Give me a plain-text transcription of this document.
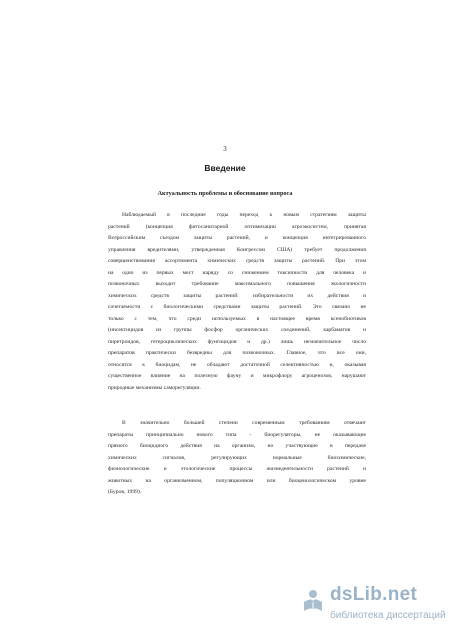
3
Введение
Актуальность проблемы и обоснование вопроса
Наблюдаемый в последние годы переход к новым стратегиям защиты
растений (концепция фитосанитарной оптимизации агроэкосистем, принятая
Всероссийским съездом защиты растений, и концепция интегрированного
управления вредителями, утвержденная Конгрессом США) требует продолжения
совершенствования ассортимента химических средств защиты растений. При этом
на одно из первых мест наряду со снижением токсичности для человека и
позвоночных выходит требование максимального повышения экологичности
химических средств защиты растений: избирательности их действия и
сочетаемости с биологическими средствами защиты растений. Это связано не
только с тем, что среди используемых в настоящее время ксенобиотиков
(инсектицидов из группы фосфор органических соединений, карбаматов и
пиретроидов, гетероциклических фунгицидов и др.) лишь незначительное число
препаратов практически безвредны для позвоночных. Главное, что все они,
относятся к биоцидам, не обладают достаточной селективностью и, оказывая
существенное влияние на полезную фауну и микрофлору агроценозов, нарушают
природные механизмы саморегуляции.
В значительно большей степени современным требованиям отвечают
препараты принципиально нового типа - биорегуляторы, не оказывающие
прямого биоцидного действия на организм, но участвующие в передаче
химических сигналов, регулирующих нормальные биохимические,
физиологические и этологические процессы жизнедеятельности растений и
животных на организменном, популяционном или биоценологическом уровне
(Буров, 1999).
dsLib.net
библиотека диссертаций
